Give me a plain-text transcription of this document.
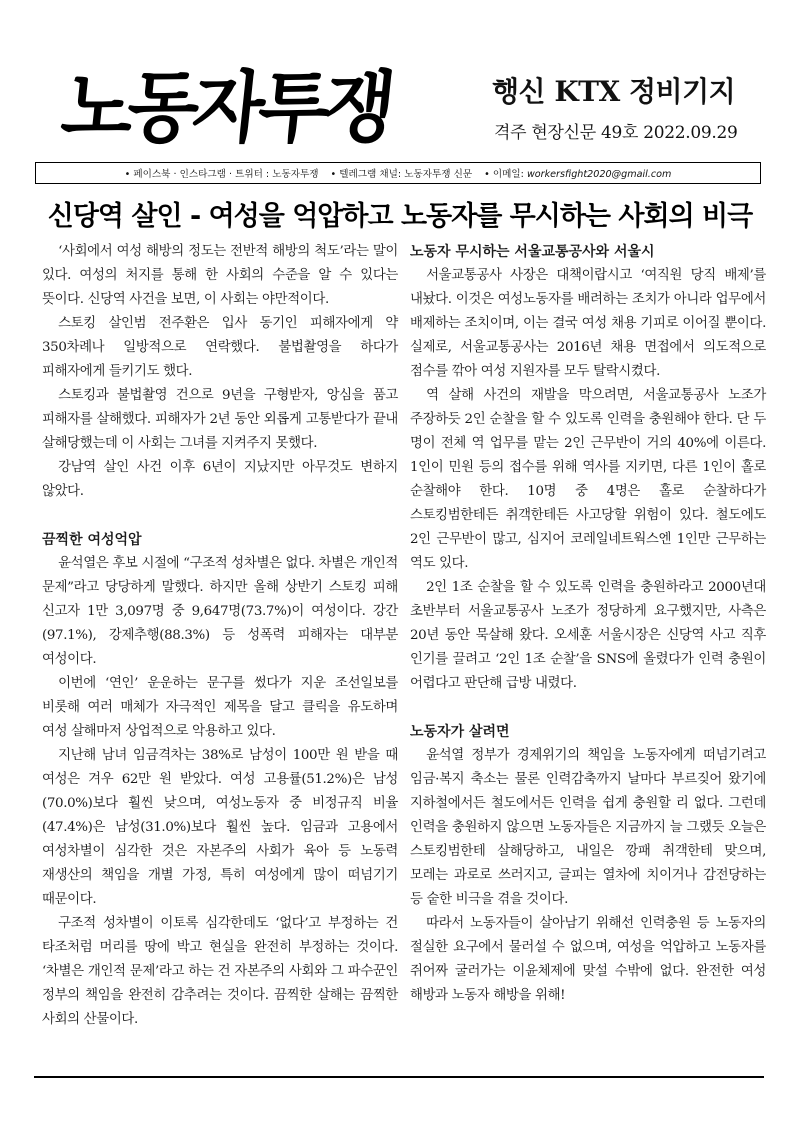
노동자투쟁	행신 KTX 정비기지
격주 현장신문 49호 2022.09.29
• 페이스북 · 인스타그램 · 트위터 : 노동자투쟁 • 텔레그램 채널: 노동자투쟁 신문 • 이메일: workersfight2020@gmail.com
신당역 살인 - 여성을 억압하고 노동자를 무시하는 사회의 비극

‘사회에서 여성 해방의 정도는 전반적 해방의 척도’라는 말이 있다. 여성의 처지를 통해 한 사회의 수준을 알 수 있다는 뜻이다. 신당역 사건을 보면, 이 사회는 야만적이다.

스토킹 살인범 전주환은 입사 동기인 피해자에게 약 350차례나 일방적으로 연락했다. 불법촬영을 하다가 피해자에게 들키기도 했다.

스토킹과 불법촬영 건으로 9년을 구형받자, 앙심을 품고 피해자를 살해했다. 피해자가 2년 동안 외롭게 고통받다가 끝내 살해당했는데 이 사회는 그녀를 지켜주지 못했다.

강남역 살인 사건 이후 6년이 지났지만 아무것도 변하지 않았다.

끔찍한 여성억압

윤석열은 후보 시절에 “구조적 성차별은 없다. 차별은 개인적 문제”라고 당당하게 말했다. 하지만 올해 상반기 스토킹 피해 신고자 1만 3,097명 중 9,647명(73.7%)이 여성이다. 강간(97.1%), 강제추행(88.3%) 등 성폭력 피해자는 대부분 여성이다.

이번에 ‘연인’ 운운하는 문구를 썼다가 지운 조선일보를 비롯해 여러 매체가 자극적인 제목을 달고 클릭을 유도하며 여성 살해마저 상업적으로 악용하고 있다.

지난해 남녀 임금격차는 38%로 남성이 100만 원 받을 때 여성은 겨우 62만 원 받았다. 여성 고용률(51.2%)은 남성(70.0%)보다 훨씬 낮으며, 여성노동자 중 비정규직 비율(47.4%)은 남성(31.0%)보다 훨씬 높다. 임금과 고용에서 여성차별이 심각한 것은 자본주의 사회가 육아 등 노동력 재생산의 책임을 개별 가정, 특히 여성에게 많이 떠넘기기 때문이다.

구조적 성차별이 이토록 심각한데도 ‘없다’고 부정하는 건 타조처럼 머리를 땅에 박고 현실을 완전히 부정하는 것이다. ‘차별은 개인적 문제’라고 하는 건 자본주의 사회와 그 파수꾼인 정부의 책임을 완전히 감추려는 것이다. 끔찍한 살해는 끔찍한 사회의 산물이다.

노동자 무시하는 서울교통공사와 서울시

서울교통공사 사장은 대책이랍시고 ‘여직원 당직 배제’를 내놨다. 이것은 여성노동자를 배려하는 조치가 아니라 업무에서 배제하는 조치이며, 이는 결국 여성 채용 기피로 이어질 뿐이다. 실제로, 서울교통공사는 2016년 채용 면접에서 의도적으로 점수를 깎아 여성 지원자를 모두 탈락시켰다.

역 살해 사건의 재발을 막으려면, 서울교통공사 노조가 주장하듯 2인 순찰을 할 수 있도록 인력을 충원해야 한다. 단 두 명이 전체 역 업무를 맡는 2인 근무반이 거의 40%에 이른다. 1인이 민원 등의 접수를 위해 역사를 지키면, 다른 1인이 홀로 순찰해야 한다. 10명 중 4명은 홀로 순찰하다가 스토킹범한테든 취객한테든 사고당할 위험이 있다. 철도에도 2인 근무반이 많고, 심지어 코레일네트웍스엔 1인만 근무하는 역도 있다.

2인 1조 순찰을 할 수 있도록 인력을 충원하라고 2000년대 초반부터 서울교통공사 노조가 정당하게 요구했지만, 사측은 20년 동안 묵살해 왔다. 오세훈 서울시장은 신당역 사고 직후 인기를 끌려고 ‘2인 1조 순찰’을 SNS에 올렸다가 인력 충원이 어렵다고 판단해 급방 내렸다.

노동자가 살려면

윤석열 정부가 경제위기의 책임을 노동자에게 떠넘기려고 임금·복지 축소는 물론 인력감축까지 날마다 부르짖어 왔기에 지하철에서든 철도에서든 인력을 쉽게 충원할 리 없다. 그런데 인력을 충원하지 않으면 노동자들은 지금까지 늘 그랬듯 오늘은 스토킹범한테 살해당하고, 내일은 깡패 취객한테 맞으며, 모레는 과로로 쓰러지고, 글피는 열차에 치이거나 감전당하는 등 숱한 비극을 겪을 것이다.

따라서 노동자들이 살아남기 위해선 인력충원 등 노동자의 절실한 요구에서 물러설 수 없으며, 여성을 억압하고 노동자를 쥐어짜 굴러가는 이윤체제에 맞설 수밖에 없다. 완전한 여성 해방과 노동자 해방을 위해!
